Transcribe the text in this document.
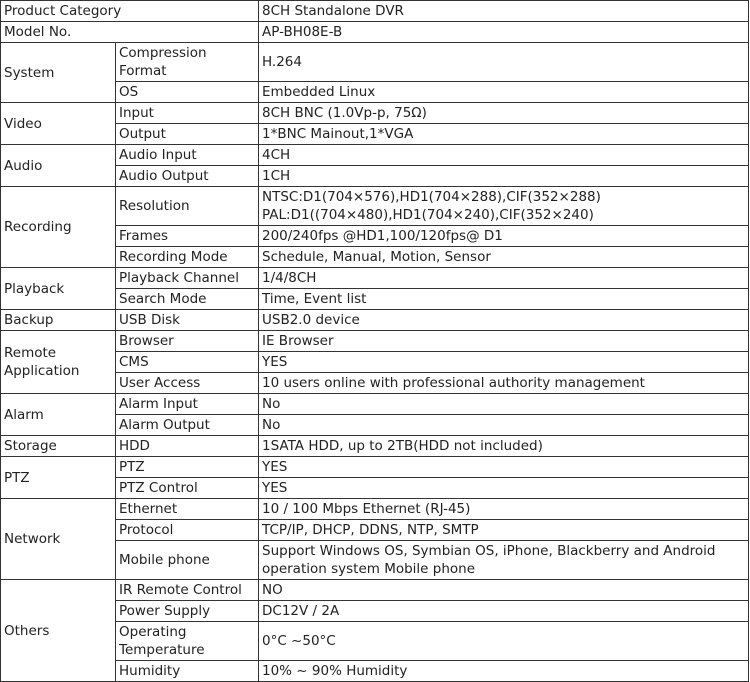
Product Category		8CH Standalone DVR
Model No.		AP-BH08E-B
System	Compression Format	H.264
	OS	Embedded Linux
Video	Input	8CH BNC (1.0Vp-p, 75Ω)
	Output	1*BNC Mainout,1*VGA
Audio	Audio Input	4CH
	Audio Output	1CH
Recording	Resolution	NTSC:D1(704×576),HD1(704×288),CIF(352×288)
PAL:D1((704×480),HD1(704×240),CIF(352×240)
	Frames	200/240fps @HD1,100/120fps@ D1
	Recording Mode	Schedule, Manual, Motion, Sensor
Playback	Playback Channel	1/4/8CH
	Search Mode	Time, Event list
Backup	USB Disk	USB2.0 device
Remote Application	Browser	IE Browser
	CMS	YES
	User Access	10 users online with professional authority management
Alarm	Alarm Input	No
	Alarm Output	No
Storage	HDD	1SATA HDD, up to 2TB(HDD not included)
PTZ	PTZ	YES
	PTZ Control	YES
Network	Ethernet	10 / 100 Mbps Ethernet (RJ-45)
	Protocol	TCP/IP, DHCP, DDNS, NTP, SMTP
	Mobile phone	Support Windows OS, Symbian OS, iPhone, Blackberry and Android operation system Mobile phone
Others	IR Remote Control	NO
	Power Supply	DC12V / 2A
	Operating Temperature	0°C ~50°C
	Humidity	10% ~ 90% Humidity
